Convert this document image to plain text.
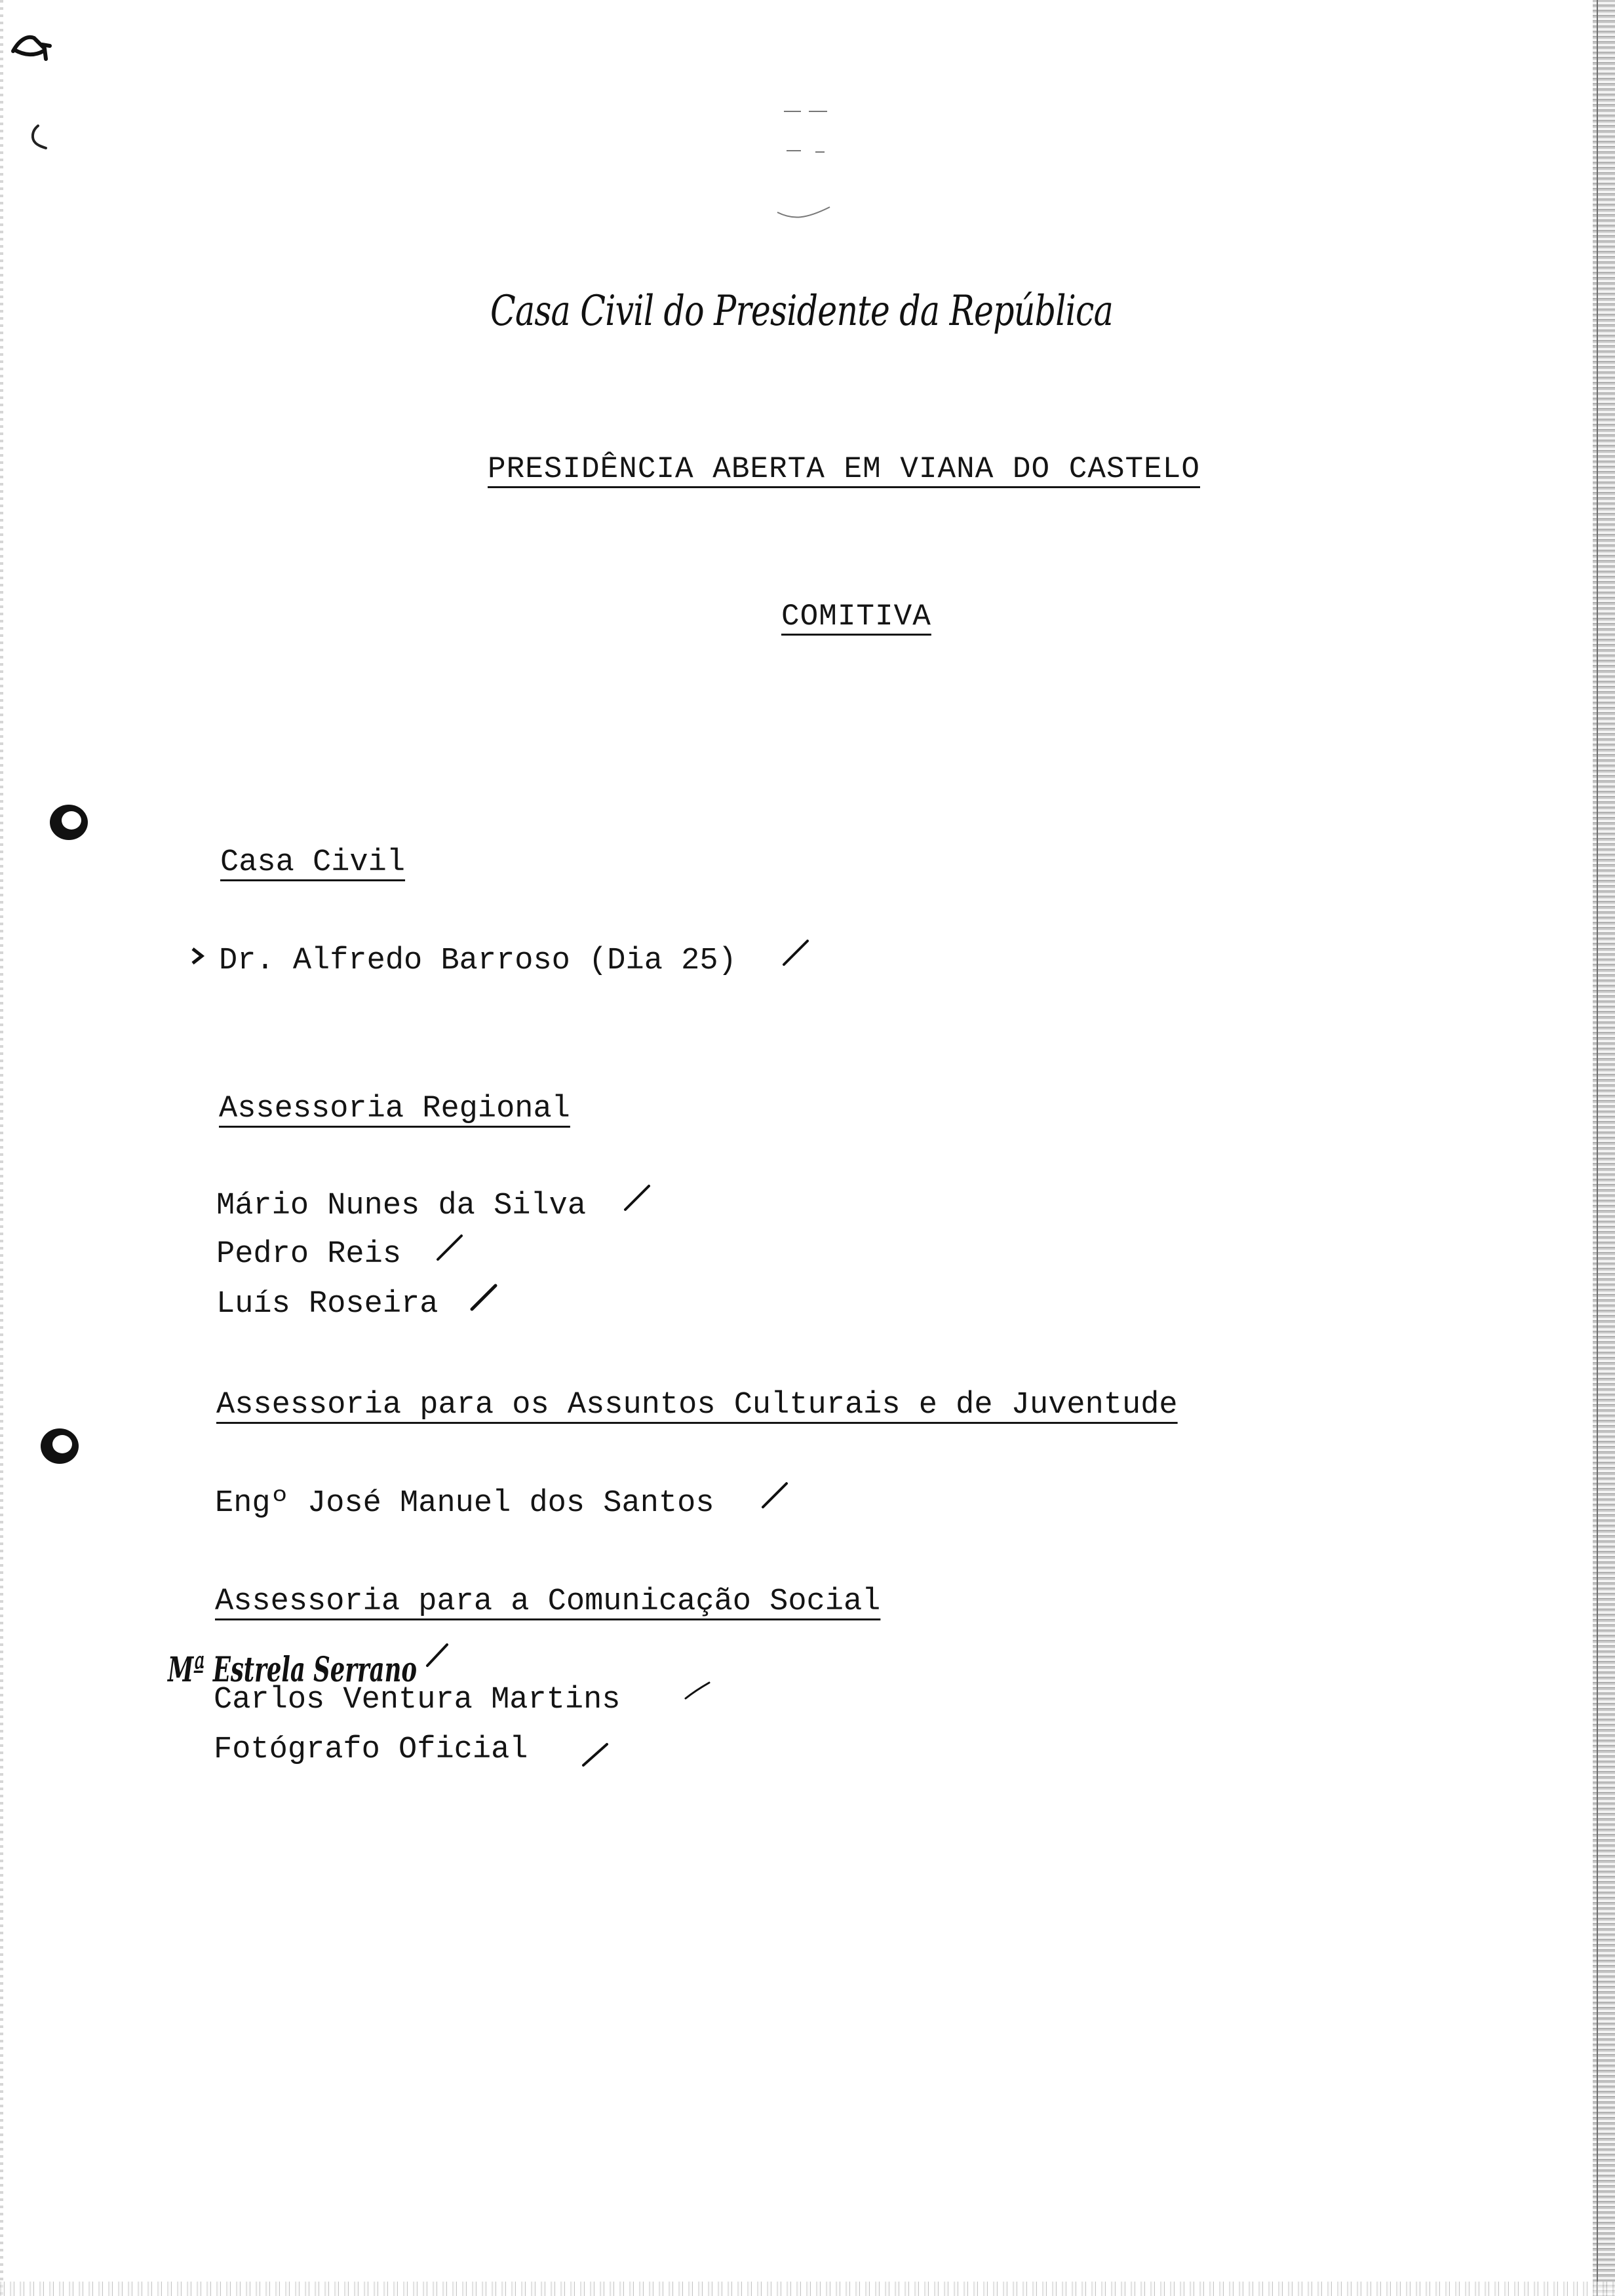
Casa Civil do Presidente da República
PRESIDÊNCIA ABERTA EM VIANA DO CASTELO
COMITIVA
Casa Civil
Dr. Alfredo Barroso (Dia 25)
Assessoria Regional
Mário Nunes da Silva
Pedro Reis
Luís Roseira
Assessoria para os Assuntos Culturais e de Juventude
Engº José Manuel dos Santos
Assessoria para a Comunicação Social
Mª Estrela Serrano
Carlos Ventura Martins
Fotógrafo Oficial
